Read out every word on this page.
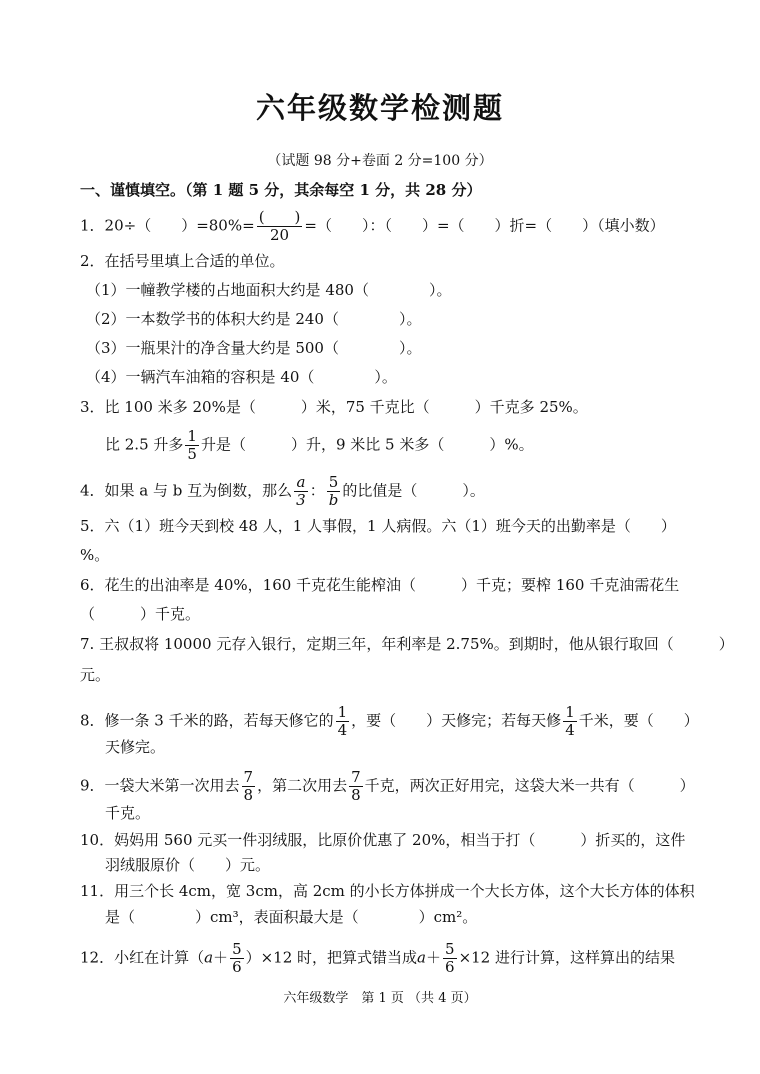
六年级数学检测题
（试题 98 分+卷面 2 分=100 分）
一、谨慎填空。（第 1 题 5 分，其余每空 1 分，共 28 分）
1．20÷（　　）$=80\%= \frac{( )}{20}$ =（　　）：（　　）=（　　）折=（　　）（填小数）
2．在括号里填上合适的单位。
（1）一幢教学楼的占地面积大约是 480（　　　　）。
（2）一本数学书的体积大约是 240（　　　　）。
（3）一瓶果汁的净含量大约是 500（　　　　）。
（4）一辆汽车油箱的容积是 40（　　　　）。
3．比 100 米多 20%是（　　　）米，75 千克比（　　　）千克多 25%。
比 2.5 升多 $\frac{1}{5}$ 升是（　　　）升，9 米比 5 米多（　　　）%。
4．如果 a 与 b 互为倒数，那么 $\frac{a}{3}$ ： $\frac{5}{b}$ 的比值是（　　　）。
5．六（1）班今天到校 48 人，1 人事假，1 人病假。六（1）班今天的出勤率是（　　）
%。
6．花生的出油率是 40%，160 千克花生能榨油（　　　）千克；要榨 160 千克油需花生
（　　　）千克。
7. 王叔叔将 10000 元存入银行，定期三年，年利率是 2.75%。到期时，他从银行取回（　　　）
元。
8．修一条 3 千米的路，若每天修它的 $\frac{1}{4}$ ，要（　　）天修完；若每天修 $\frac{1}{4}$ 千米，要（　　）
天修完。
9．一袋大米第一次用去 $\frac{7}{8}$ ，第二次用去 $\frac{7}{8}$ 千克，两次正好用完，这袋大米一共有（　　　）
千克。
10．妈妈用 560 元买一件羽绒服，比原价优惠了 20%，相当于打（　　　）折买的，这件
羽绒服原价（　　）元。
11．用三个长 4cm，宽 3cm，高 2cm 的小长方体拼成一个大长方体，这个大长方体的体积
是（　　　　）cm³，表面积最大是（　　　　）cm²。
12．小红在计算$(a+ \frac{5}{6} )\times 12$ 时，把算式错当成$a+ \frac{5}{6} \times 12$ 进行计算，这样算出的结果
六年级数学　第 1 页 （共 4 页）
